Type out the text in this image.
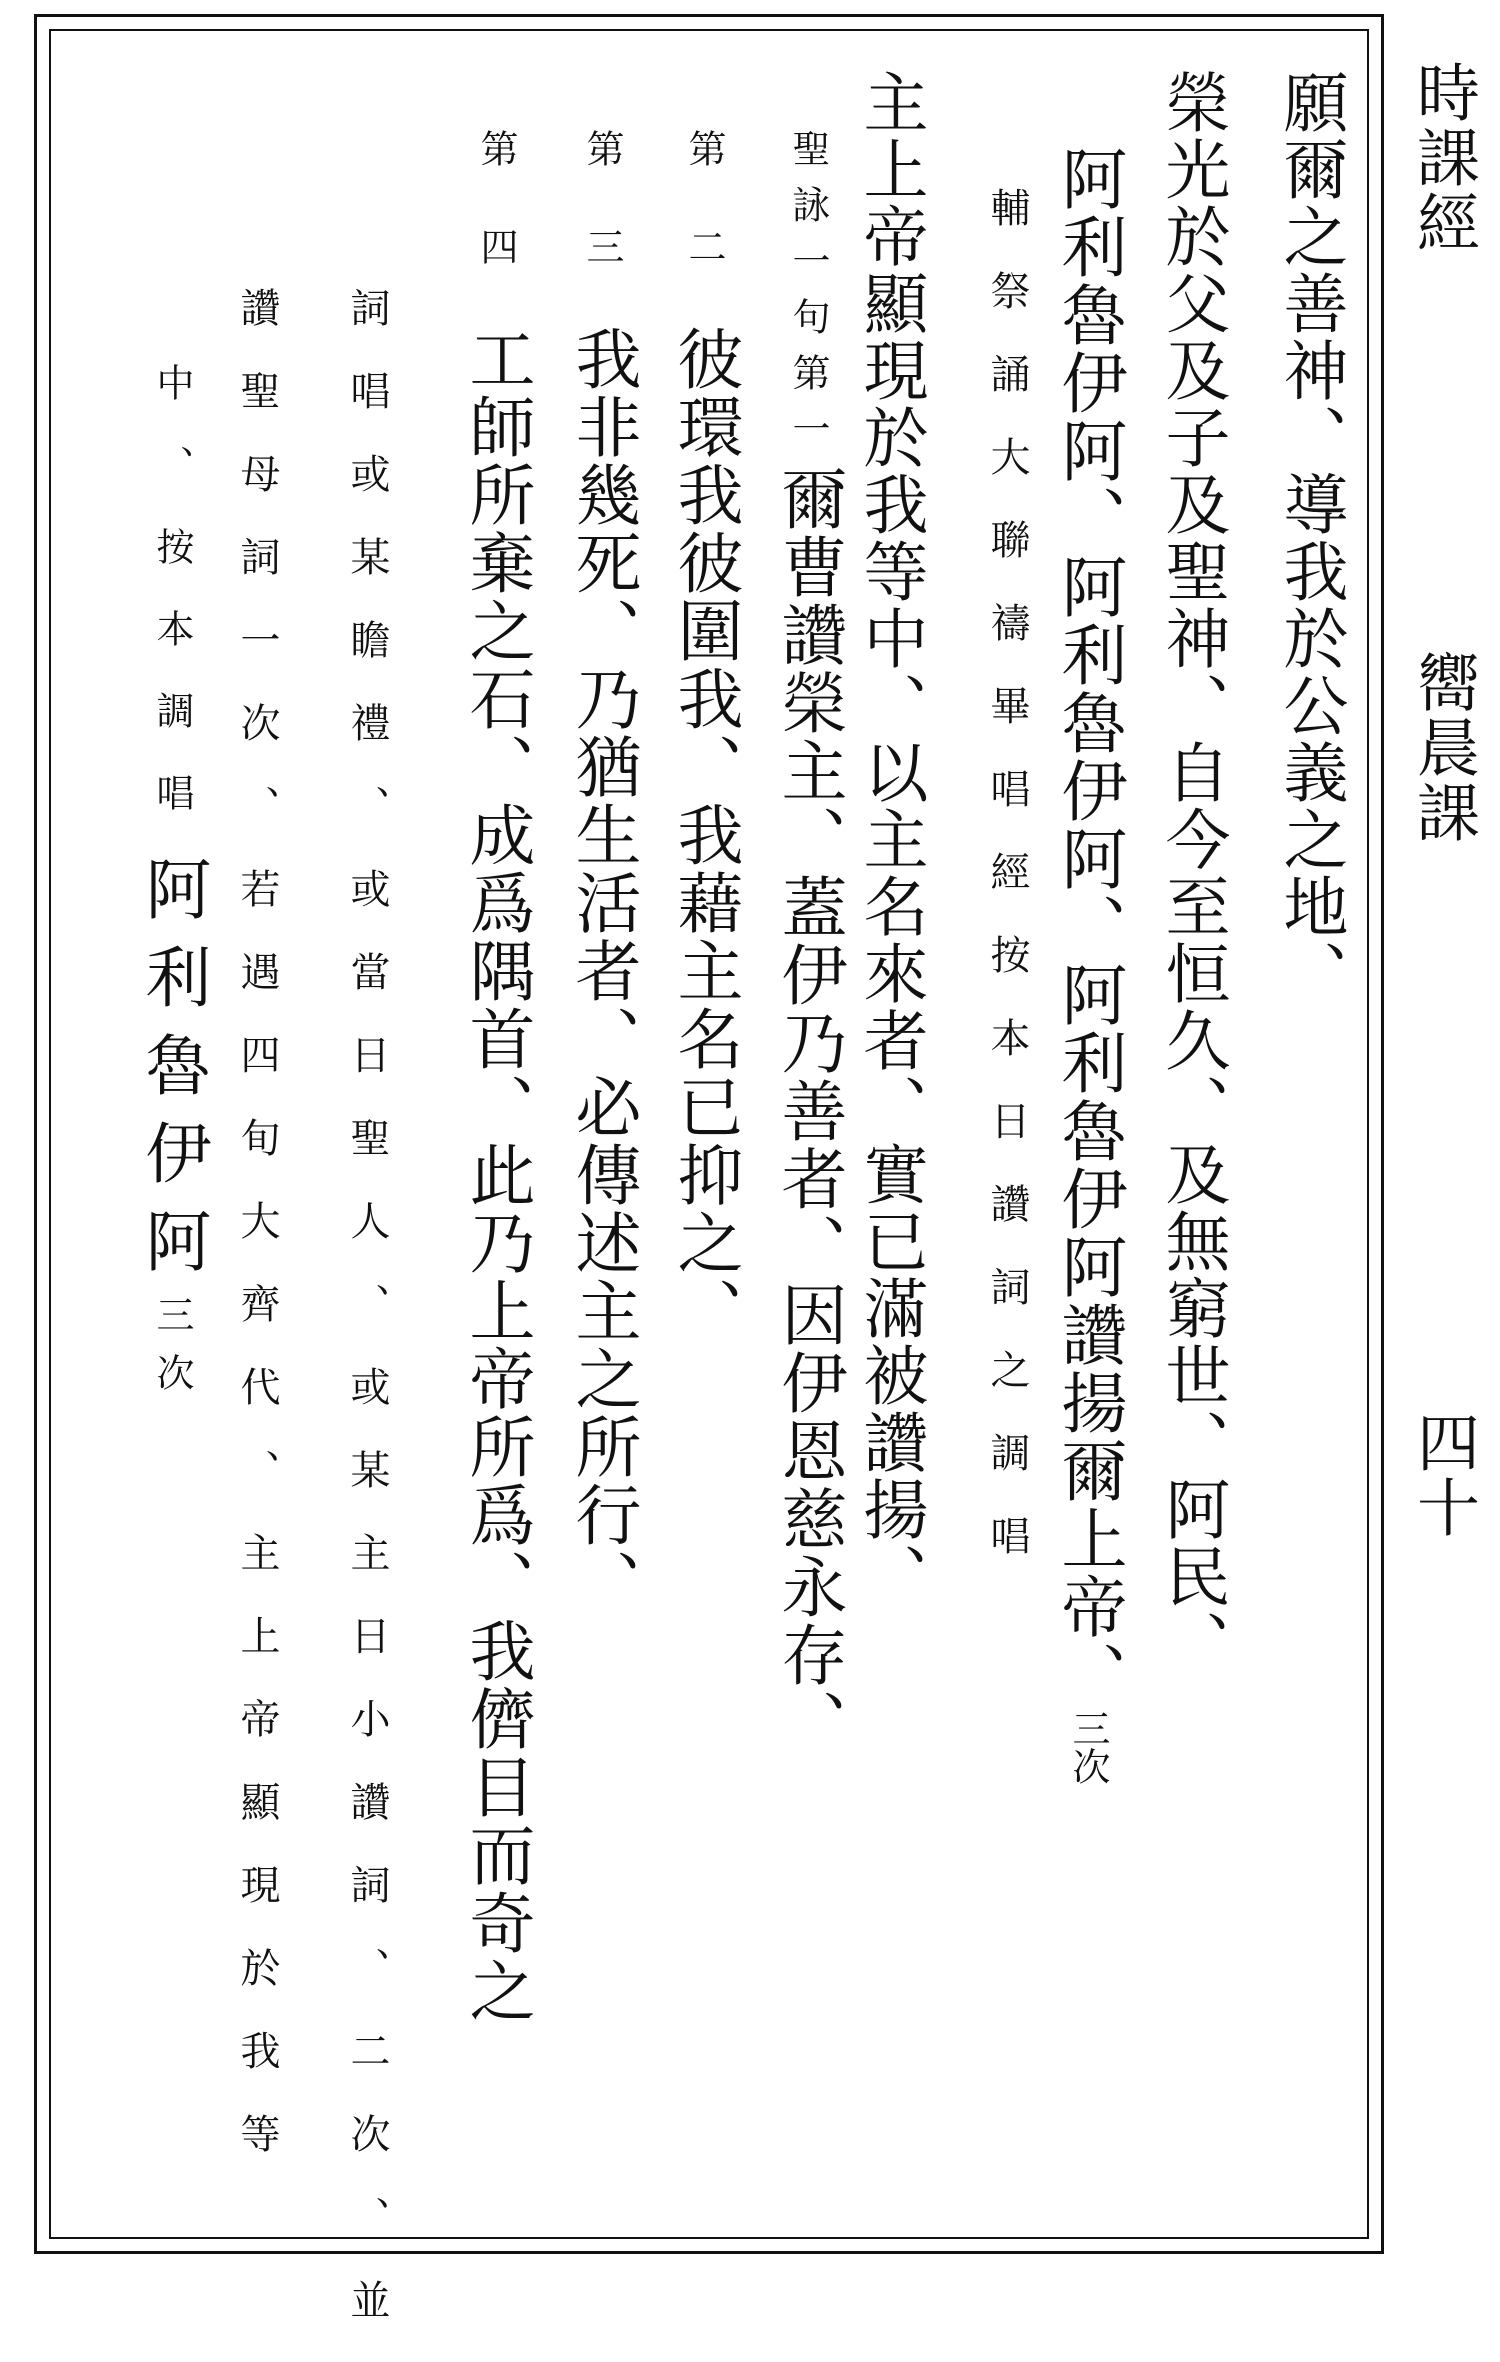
願爾之善神、導我於公義之地、
榮光於父及子及聖神、自今至恒久、及無窮世、阿民、

阿利魯伊阿、阿利魯伊阿、阿利魯伊阿讚揚爾上帝、三次

輔祭誦大聯禱畢唱經按本日讚詞之調唱
主上帝顯現於我等中、以主名來者、實已滿被讚揚、

聖詠一句第一爾曹讚榮主、蓋伊乃善者、因伊恩慈永存、

第二彼環我彼圍我、我藉主名已抑之、

第三我非幾死、乃猶生活者、必傳述主之所行、

第四工師所棄之石、成爲隅首、此乃上帝所爲、我儕目而奇之

詞唱或某瞻禮、或當日聖人、或某主日小讚詞、二次、並
讚聖母詞一次、若遇四旬大齊代、主上帝顯現於我等

中、按本調唱阿利魯伊阿三次

時課經
嚮晨課
四十
